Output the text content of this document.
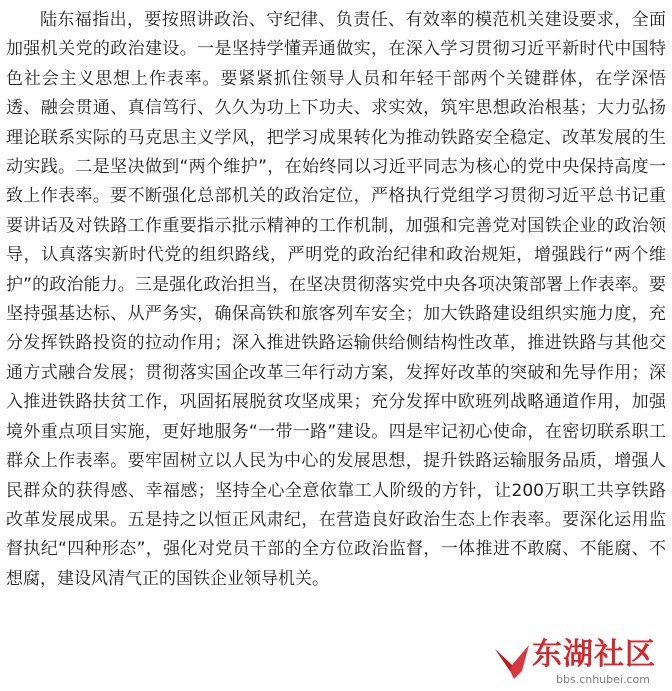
陆东福指出，要按照讲政治、守纪律、负责任、有效率的模范机关建设要求，全面加强机关党的政治建设。一是坚持学懂弄通做实，在深入学习贯彻习近平新时代中国特色社会主义思想上作表率。要紧紧抓住领导人员和年轻干部两个关键群体，在学深悟透、融会贯通、真信笃行、久久为功上下功夫、求实效，筑牢思想政治根基；大力弘扬理论联系实际的马克思主义学风，把学习成果转化为推动铁路安全稳定、改革发展的生动实践。二是坚决做到“两个维护”，在始终同以习近平同志为核心的党中央保持高度一致上作表率。要不断强化总部机关的政治定位，严格执行党组学习贯彻习近平总书记重要讲话及对铁路工作重要指示批示精神的工作机制，加强和完善党对国铁企业的政治领导，认真落实新时代党的组织路线，严明党的政治纪律和政治规矩，增强践行“两个维护”的政治能力。三是强化政治担当，在坚决贯彻落实党中央各项决策部署上作表率。要坚持强基达标、从严务实，确保高铁和旅客列车安全；加大铁路建设组织实施力度，充分发挥铁路投资的拉动作用；深入推进铁路运输供给侧结构性改革，推进铁路与其他交通方式融合发展；贯彻落实国企改革三年行动方案，发挥好改革的突破和先导作用；深入推进铁路扶贫工作，巩固拓展脱贫攻坚成果；充分发挥中欧班列战略通道作用，加强境外重点项目实施，更好地服务“一带一路”建设。四是牢记初心使命，在密切联系职工群众上作表率。要牢固树立以人民为中心的发展思想，提升铁路运输服务品质，增强人民群众的获得感、幸福感；坚持全心全意依靠工人阶级的方针，让200万职工共享铁路改革发展成果。五是持之以恒正风肃纪，在营造良好政治生态上作表率。要深化运用监督执纪“四种形态”，强化对党员干部的全方位政治监督，一体推进不敢腐、不能腐、不想腐，建设风清气正的国铁企业领导机关。

东湖社区
bbs.cnhubei.com
